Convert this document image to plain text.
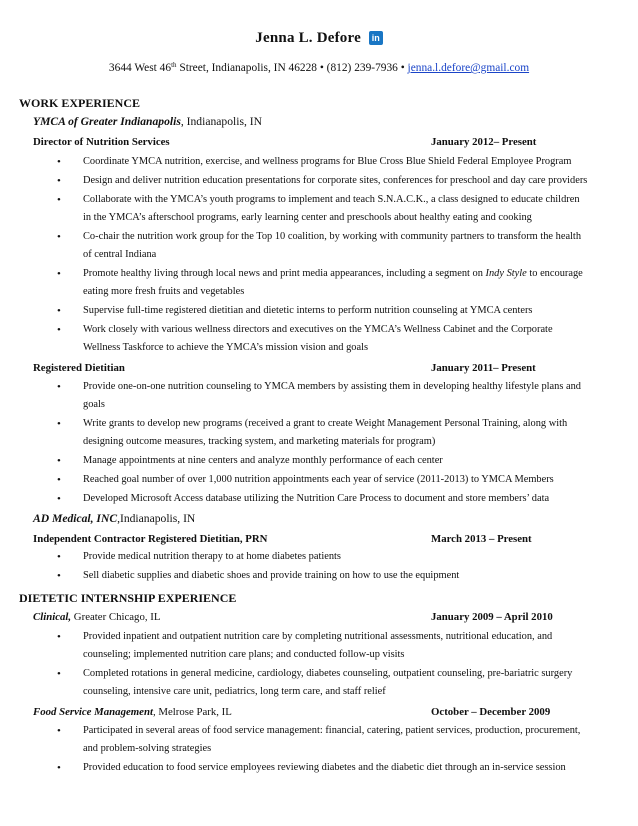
Jenna L. Defore in
3644 West 46th Street, Indianapolis, IN 46228 • (812) 239-7936 • jenna.l.defore@gmail.com
WORK EXPERIENCE
YMCA of Greater Indianapolis, Indianapolis, IN
Director of Nutrition Services	January 2012– Present
• Coordinate YMCA nutrition, exercise, and wellness programs for Blue Cross Blue Shield Federal Employee Program
• Design and deliver nutrition education presentations for corporate sites, conferences for preschool and day care providers
• Collaborate with the YMCA’s youth programs to implement and teach S.N.A.C.K., a class designed to educate children
in the YMCA’s afterschool programs, early learning center and preschools about healthy eating and cooking
• Co-chair the nutrition work group for the Top 10 coalition, by working with community partners to transform the health
of central Indiana
• Promote healthy living through local news and print media appearances, including a segment on Indy Style to encourage
eating more fresh fruits and vegetables
• Supervise full-time registered dietitian and dietetic interns to perform nutrition counseling at YMCA centers
• Work closely with various wellness directors and executives on the YMCA’s Wellness Cabinet and the Corporate
Wellness Taskforce to achieve the YMCA’s mission vision and goals
Registered Dietitian	January 2011– Present
• Provide one-on-one nutrition counseling to YMCA members by assisting them in developing healthy lifestyle plans and
goals
• Write grants to develop new programs (received a grant to create Weight Management Personal Training, along with
designing outcome measures, tracking system, and marketing materials for program)
• Manage appointments at nine centers and analyze monthly performance of each center
• Reached goal number of over 1,000 nutrition appointments each year of service (2011-2013) to YMCA Members
• Developed Microsoft Access database utilizing the Nutrition Care Process to document and store members’ data
AD Medical, INC,Indianapolis, IN
Independent Contractor Registered Dietitian, PRN	March 2013 – Present
• Provide medical nutrition therapy to at home diabetes patients
• Sell diabetic supplies and diabetic shoes and provide training on how to use the equipment
DIETETIC INTERNSHIP EXPERIENCE
Clinical, Greater Chicago, IL	January 2009 – April 2010
• Provided inpatient and outpatient nutrition care by completing nutritional assessments, nutritional education, and
counseling; implemented nutrition care plans; and conducted follow-up visits
• Completed rotations in general medicine, cardiology, diabetes counseling, outpatient counseling, pre-bariatric surgery
counseling, intensive care unit, pediatrics, long term care, and staff relief
Food Service Management, Melrose Park, IL	October – December 2009
• Participated in several areas of food service management: financial, catering, patient services, production, procurement,
and problem-solving strategies
• Provided education to food service employees reviewing diabetes and the diabetic diet through an in-service session
